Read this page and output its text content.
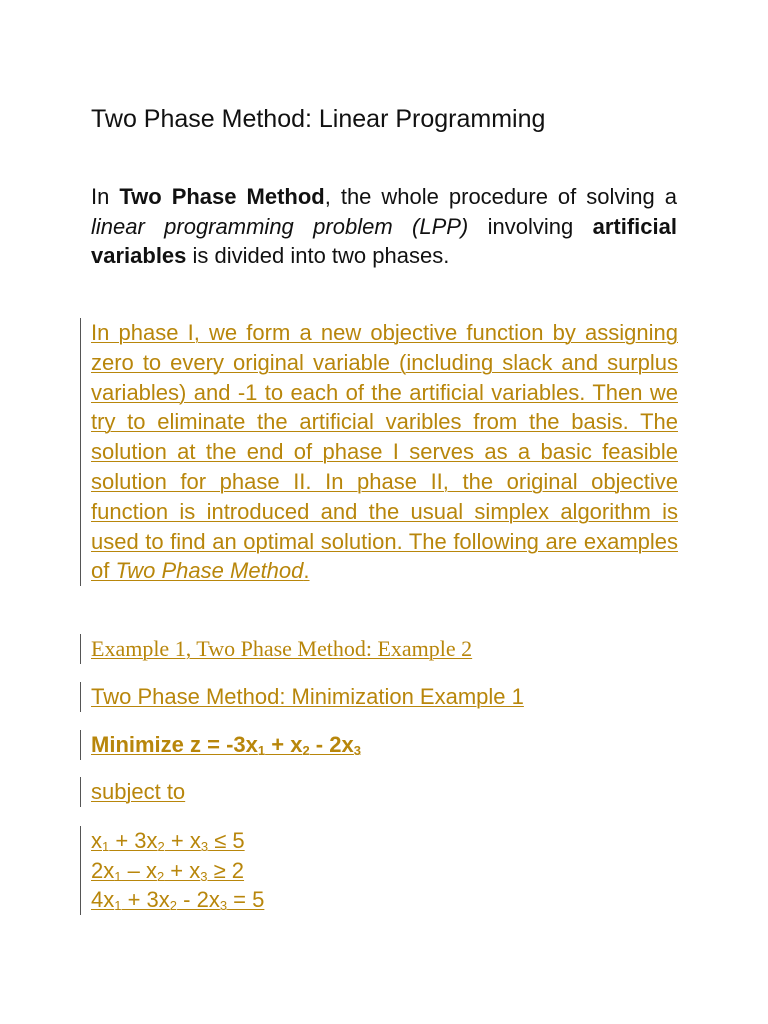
Two Phase Method: Linear Programming
In Two Phase Method, the whole procedure of solving a linear programming problem (LPP) involving artificial variables is divided into two phases.
In phase I, we form a new objective function by assigning zero to every original variable (including slack and surplus variables) and -1 to each of the artificial variables. Then we try to eliminate the artificial varibles from the basis. The solution at the end of phase I serves as a basic feasible solution for phase II. In phase II, the original objective function is introduced and the usual simplex algorithm is used to find an optimal solution. The following are examples of Two Phase Method.
Example 1, Two Phase Method: Example 2
Two Phase Method: Minimization Example 1
Minimize $z = -3x_1 + x_2 - 2x_3$
subject to
$x_1 + 3x_2 + x_3 \le 5$
$2x_1 - x_2 + x_3 \ge 2$
$4x_1 + 3x_2 - 2x_3 = 5$
